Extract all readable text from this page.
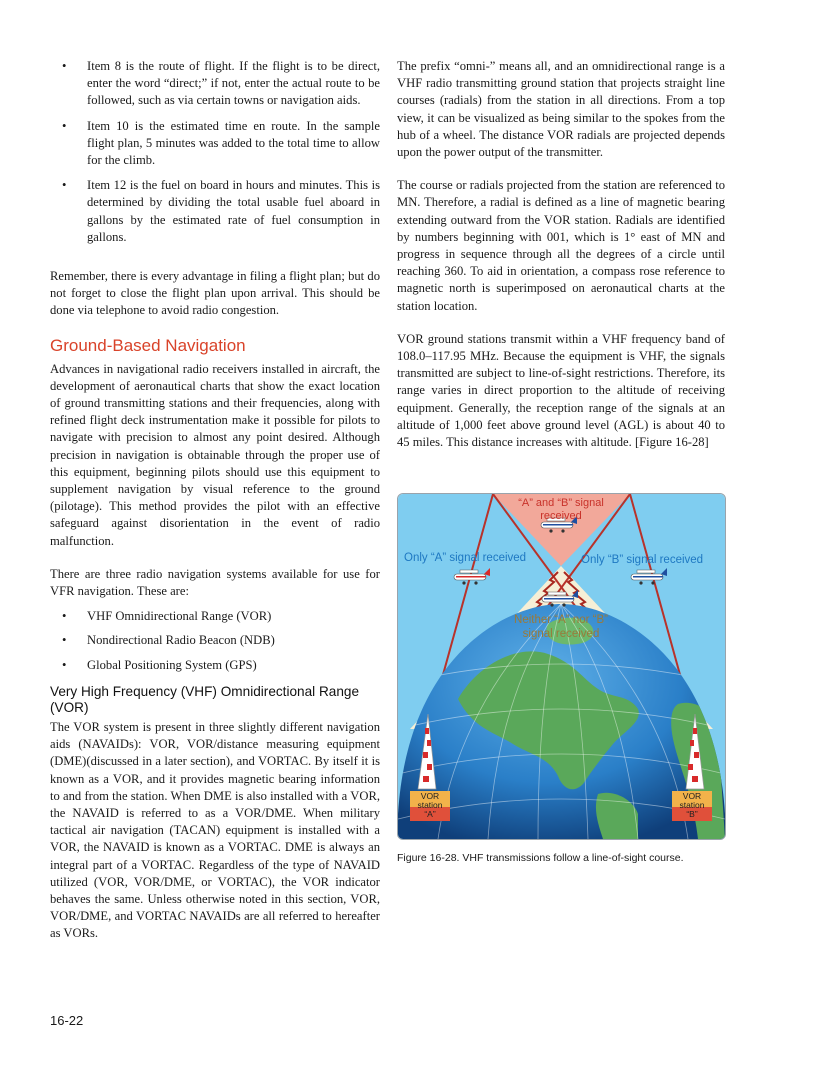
• Item 8 is the route of flight. If the flight is to be direct, enter the word “direct;” if not, enter the actual route to be followed, such as via certain towns or navigation aids.
• Item 10 is the estimated time en route. In the sample flight plan, 5 minutes was added to the total time to allow for the climb.
• Item 12 is the fuel on board in hours and minutes. This is determined by dividing the total usable fuel aboard in gallons by the estimated rate of fuel consumption in gallons.

Remember, there is every advantage in filing a flight plan; but do not forget to close the flight plan upon arrival. This should be done via telephone to avoid radio congestion.

Ground-Based Navigation

Advances in navigational radio receivers installed in aircraft, the development of aeronautical charts that show the exact location of ground transmitting stations and their frequencies, along with refined flight deck instrumentation make it possible for pilots to navigate with precision to almost any point desired. Although precision in navigation is obtainable through the proper use of this equipment, beginning pilots should use this equipment to supplement navigation by visual reference to the ground (pilotage). This method provides the pilot with an effective safeguard against disorientation in the event of radio malfunction.

There are three radio navigation systems available for use for VFR navigation. These are:

• VHF Omnidirectional Range (VOR)
• Nondirectional Radio Beacon (NDB)
• Global Positioning System (GPS)
Very High Frequency (VHF) Omnidirectional Range (VOR)

The VOR system is present in three slightly different navigation aids (NAVAIDs): VOR, VOR/distance measuring equipment (DME)(discussed in a later section), and VORTAC. By itself it is known as a VOR, and it provides magnetic bearing information to and from the station. When DME is also installed with a VOR, the NAVAID is referred to as a VOR/DME. When military tactical air navigation (TACAN) equipment is installed with a VOR, the NAVAID is known as a VORTAC. DME is always an integral part of a VORTAC. Regardless of the type of NAVAID utilized (VOR, VOR/DME, or VORTAC), the VOR indicator behaves the same. Unless otherwise noted in this section, VOR, VOR/DME, and VORTAC NAVAIDs are all referred to hereafter as VORs.

The prefix “omni-” means all, and an omnidirectional range is a VHF radio transmitting ground station that projects straight line courses (radials) from the station in all directions. From a top view, it can be visualized as being similar to the spokes from the hub of a wheel. The distance VOR radials are projected depends upon the power output of the transmitter.

The course or radials projected from the station are referenced to MN. Therefore, a radial is defined as a line of magnetic bearing extending outward from the VOR station. Radials are identified by numbers beginning with 001, which is 1° east of MN and progress in sequence through all the degrees of a circle until reaching 360. To aid in orientation, a compass rose reference to magnetic north is superimposed on aeronautical charts at the station location.

VOR ground stations transmit within a VHF frequency band of 108.0–117.95 MHz. Because the equipment is VHF, the signals transmitted are subject to line-of-sight restrictions. Therefore, its range varies in direct proportion to the altitude of receiving equipment. Generally, the reception range of the signals at an altitude of 1,000 feet above ground level (AGL) is about 40 to 45 miles. This distance increases with altitude. [Figure 16-28]

“A” and “B” signal
received
Only “A” signal received	Only “B” signal received
Neither “A” nor “B”
signal received
VOR
station
“A”
VOR
station
“B”
Figure 16-28. VHF transmissions follow a line-of-sight course.
16-22
